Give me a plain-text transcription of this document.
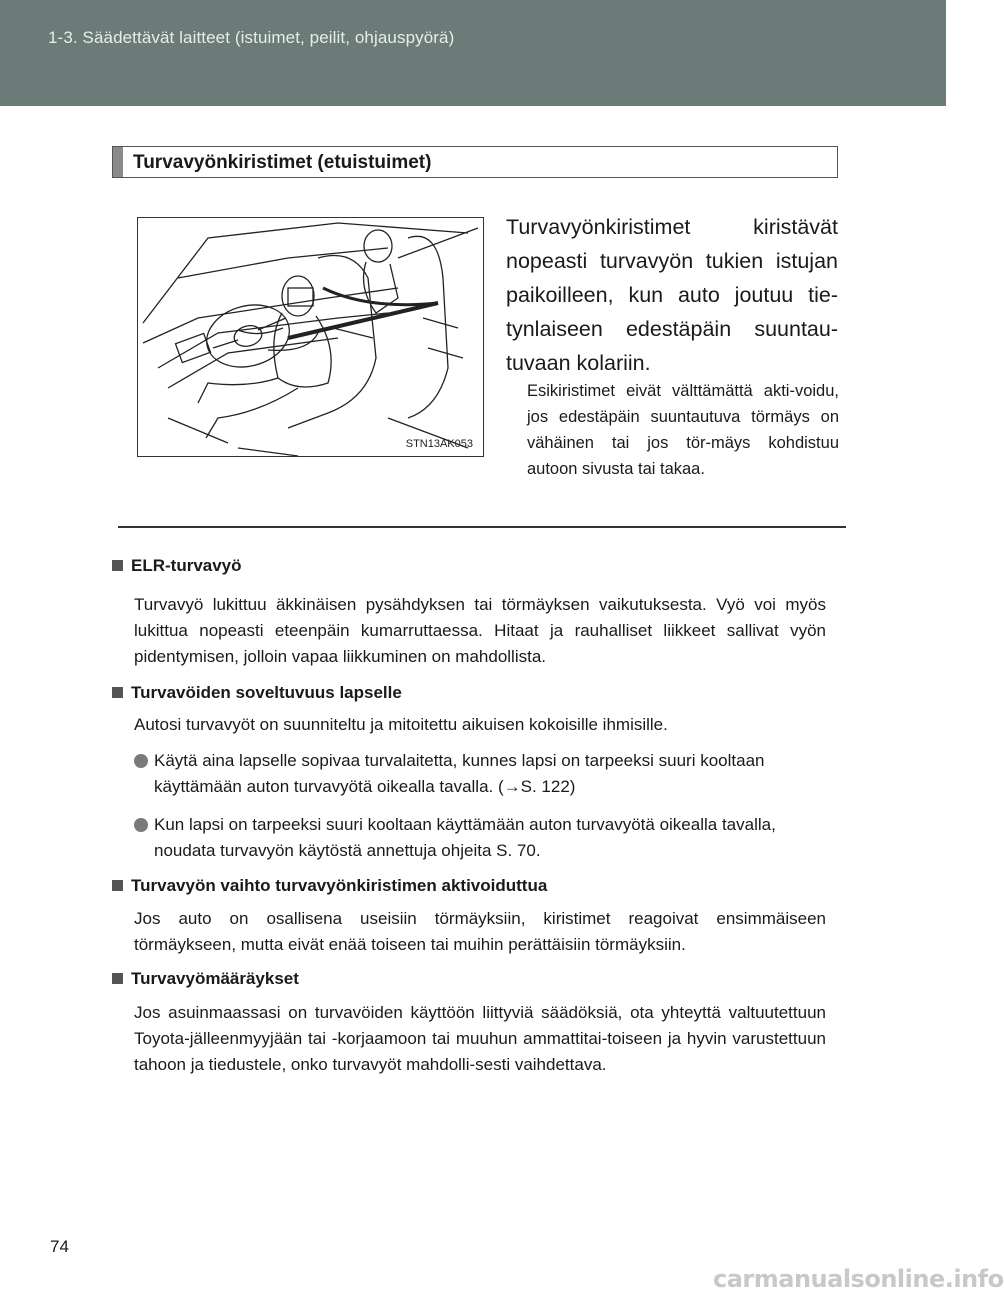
1-3. Säädettävät laitteet (istuimet, peilit, ohjauspyörä)
Turvavyönkiristimet (etuistuimet)
STN13AK053
Turvavyönkiristimet kiristävät nopeasti turvavyön tukien istujan paikoilleen, kun auto joutuu tie-tynlaiseen edestäpäin suuntau-tuvaan kolariin.
Esikiristimet eivät välttämättä akti-voidu, jos edestäpäin suuntautuva törmäys on vähäinen tai jos tör-mäys kohdistuu autoon sivusta tai takaa.
ELR-turvavyö
Turvavyö lukittuu äkkinäisen pysähdyksen tai törmäyksen vaikutuksesta. Vyö voi myös lukittua nopeasti eteenpäin kumarruttaessa. Hitaat ja rauhalliset liikkeet sallivat vyön pidentymisen, jolloin vapaa liikkuminen on mahdollista.
Turvavöiden soveltuvuus lapselle
Autosi turvavyöt on suunniteltu ja mitoitettu aikuisen kokoisille ihmisille.
Käytä aina lapselle sopivaa turvalaitetta, kunnes lapsi on tarpeeksi suuri kooltaan käyttämään auton turvavyötä oikealla tavalla. (→S. 122)
Kun lapsi on tarpeeksi suuri kooltaan käyttämään auton turvavyötä oikealla tavalla, noudata turvavyön käytöstä annettuja ohjeita S. 70.
Turvavyön vaihto turvavyönkiristimen aktivoiduttua
Jos auto on osallisena useisiin törmäyksiin, kiristimet reagoivat ensimmäiseen törmäykseen, mutta eivät enää toiseen tai muihin perättäisiin törmäyksiin.
Turvavyömääräykset
Jos asuinmaassasi on turvavöiden käyttöön liittyviä säädöksiä, ota yhteyttä valtuutettuun Toyota-jälleenmyyjään tai -korjaamoon tai muuhun ammattitai-toiseen ja hyvin varustettuun tahoon ja tiedustele, onko turvavyöt mahdolli-sesti vaihdettava.
74
carmanualsonline.info
